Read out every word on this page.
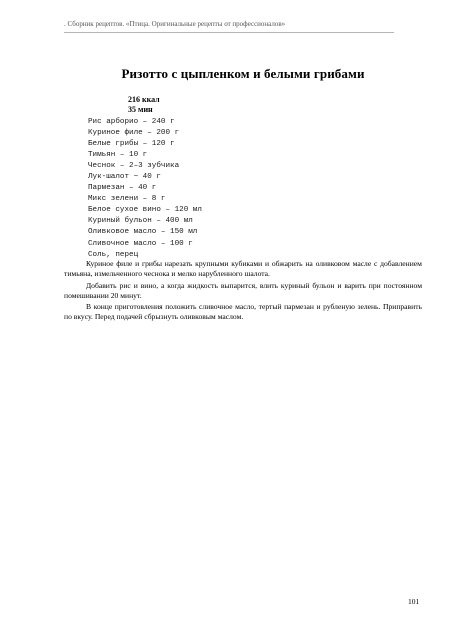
. Сборник рецептов. «Птица. Оригинальные рецепты от профессионалов»
Ризотто с цыпленком и белыми грибами
216 ккал
35 мин
Рис арборио – 240 г
Куриное филе – 200 г
Белые грибы – 120 г
Тимьян – 10 г
Чеснок – 2–3 зубчика
Лук-шалот ~ 40 г
Пармезан – 40 г
Микс зелени – 8 г
Белое сухое вино – 120 мл
Куриный бульон – 400 мл
Оливковое масло – 150 мл
Сливочное масло – 100 г
Соль, перец

Куриное филе и грибы нарезать крупными кубиками и обжарить на оливковом масле с добавлением тимьяна, измельченного чеснока и мелко нарубленного шалота.

Добавить рис и вино, а когда жидкость выпарится, влить куриный бульон и варить при постоянном помешивании 20 минут.

В конце приготовления положить сливочное масло, тертый пармезан и рубленую зелень. Приправить по вкусу. Перед подачей сбрызнуть оливковым маслом.

101
